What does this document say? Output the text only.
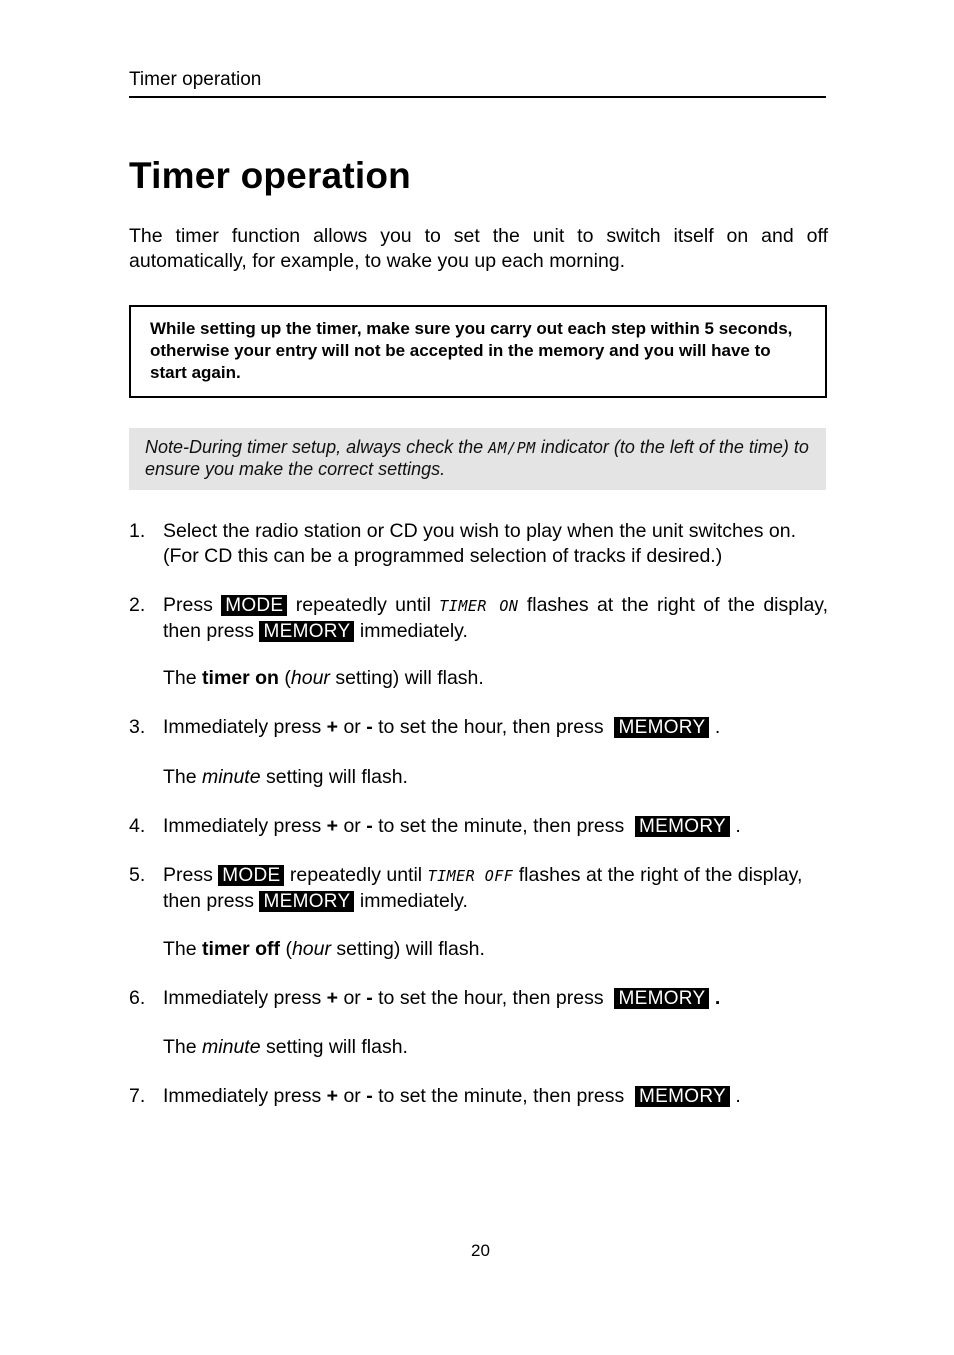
Timer operation
Timer operation

The timer function allows you to set the unit to switch itself on and off automatically, for example, to wake you up each morning.

While setting up the timer, make sure you carry out each step within 5 seconds, otherwise your entry will not be accepted in the memory and you will have to start again.
Note-During timer setup, always check the AM/PM indicator (to the left of the time) to ensure you make the correct settings.
1. Select the radio station or CD you wish to play when the unit switches on. (For CD this can be a programmed selection of tracks if desired.)
2. Press MODE repeatedly until TIMER ON flashes at the right of the display, then press MEMORY immediately.
The timer on (hour setting) will flash.
3. Immediately press + or - to set the hour, then press  MEMORY .
The minute setting will flash.
4. Immediately press + or - to set the minute, then press  MEMORY .
5. Press MODE repeatedly until TIMER OFF flashes at the right of the display, then press MEMORY immediately.
The timer off (hour setting) will flash.
6. Immediately press + or - to set the hour, then press  MEMORY .
The minute setting will flash.
7. Immediately press + or - to set the minute, then press  MEMORY .
20
